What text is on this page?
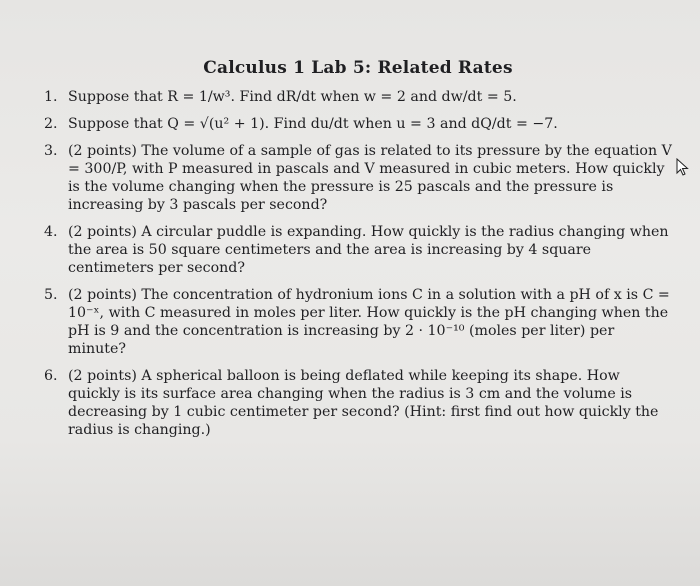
Calculus 1 Lab 5: Related Rates
1. Suppose that R = 1/w³. Find dR/dt when w = 2 and dw/dt = 5.
2. Suppose that Q = √(u² + 1). Find du/dt when u = 3 and dQ/dt = −7.
3. (2 points) The volume of a sample of gas is related to its pressure by the equation V = 300/P, with P measured in pascals and V measured in cubic meters. How quickly is the volume changing when the pressure is 25 pascals and the pressure is increasing by 3 pascals per second?
4. (2 points) A circular puddle is expanding. How quickly is the radius changing when the area is 50 square centimeters and the area is increasing by 4 square centimeters per second?
5. (2 points) The concentration of hydronium ions C in a solution with a pH of x is C = 10⁻ˣ, with C measured in moles per liter. How quickly is the pH changing when the pH is 9 and the concentration is increasing by 2 · 10⁻¹⁰ (moles per liter) per minute?
6. (2 points) A spherical balloon is being deflated while keeping its shape. How quickly is its surface area changing when the radius is 3 cm and the volume is decreasing by 1 cubic centimeter per second? (Hint: first find out how quickly the radius is changing.)
